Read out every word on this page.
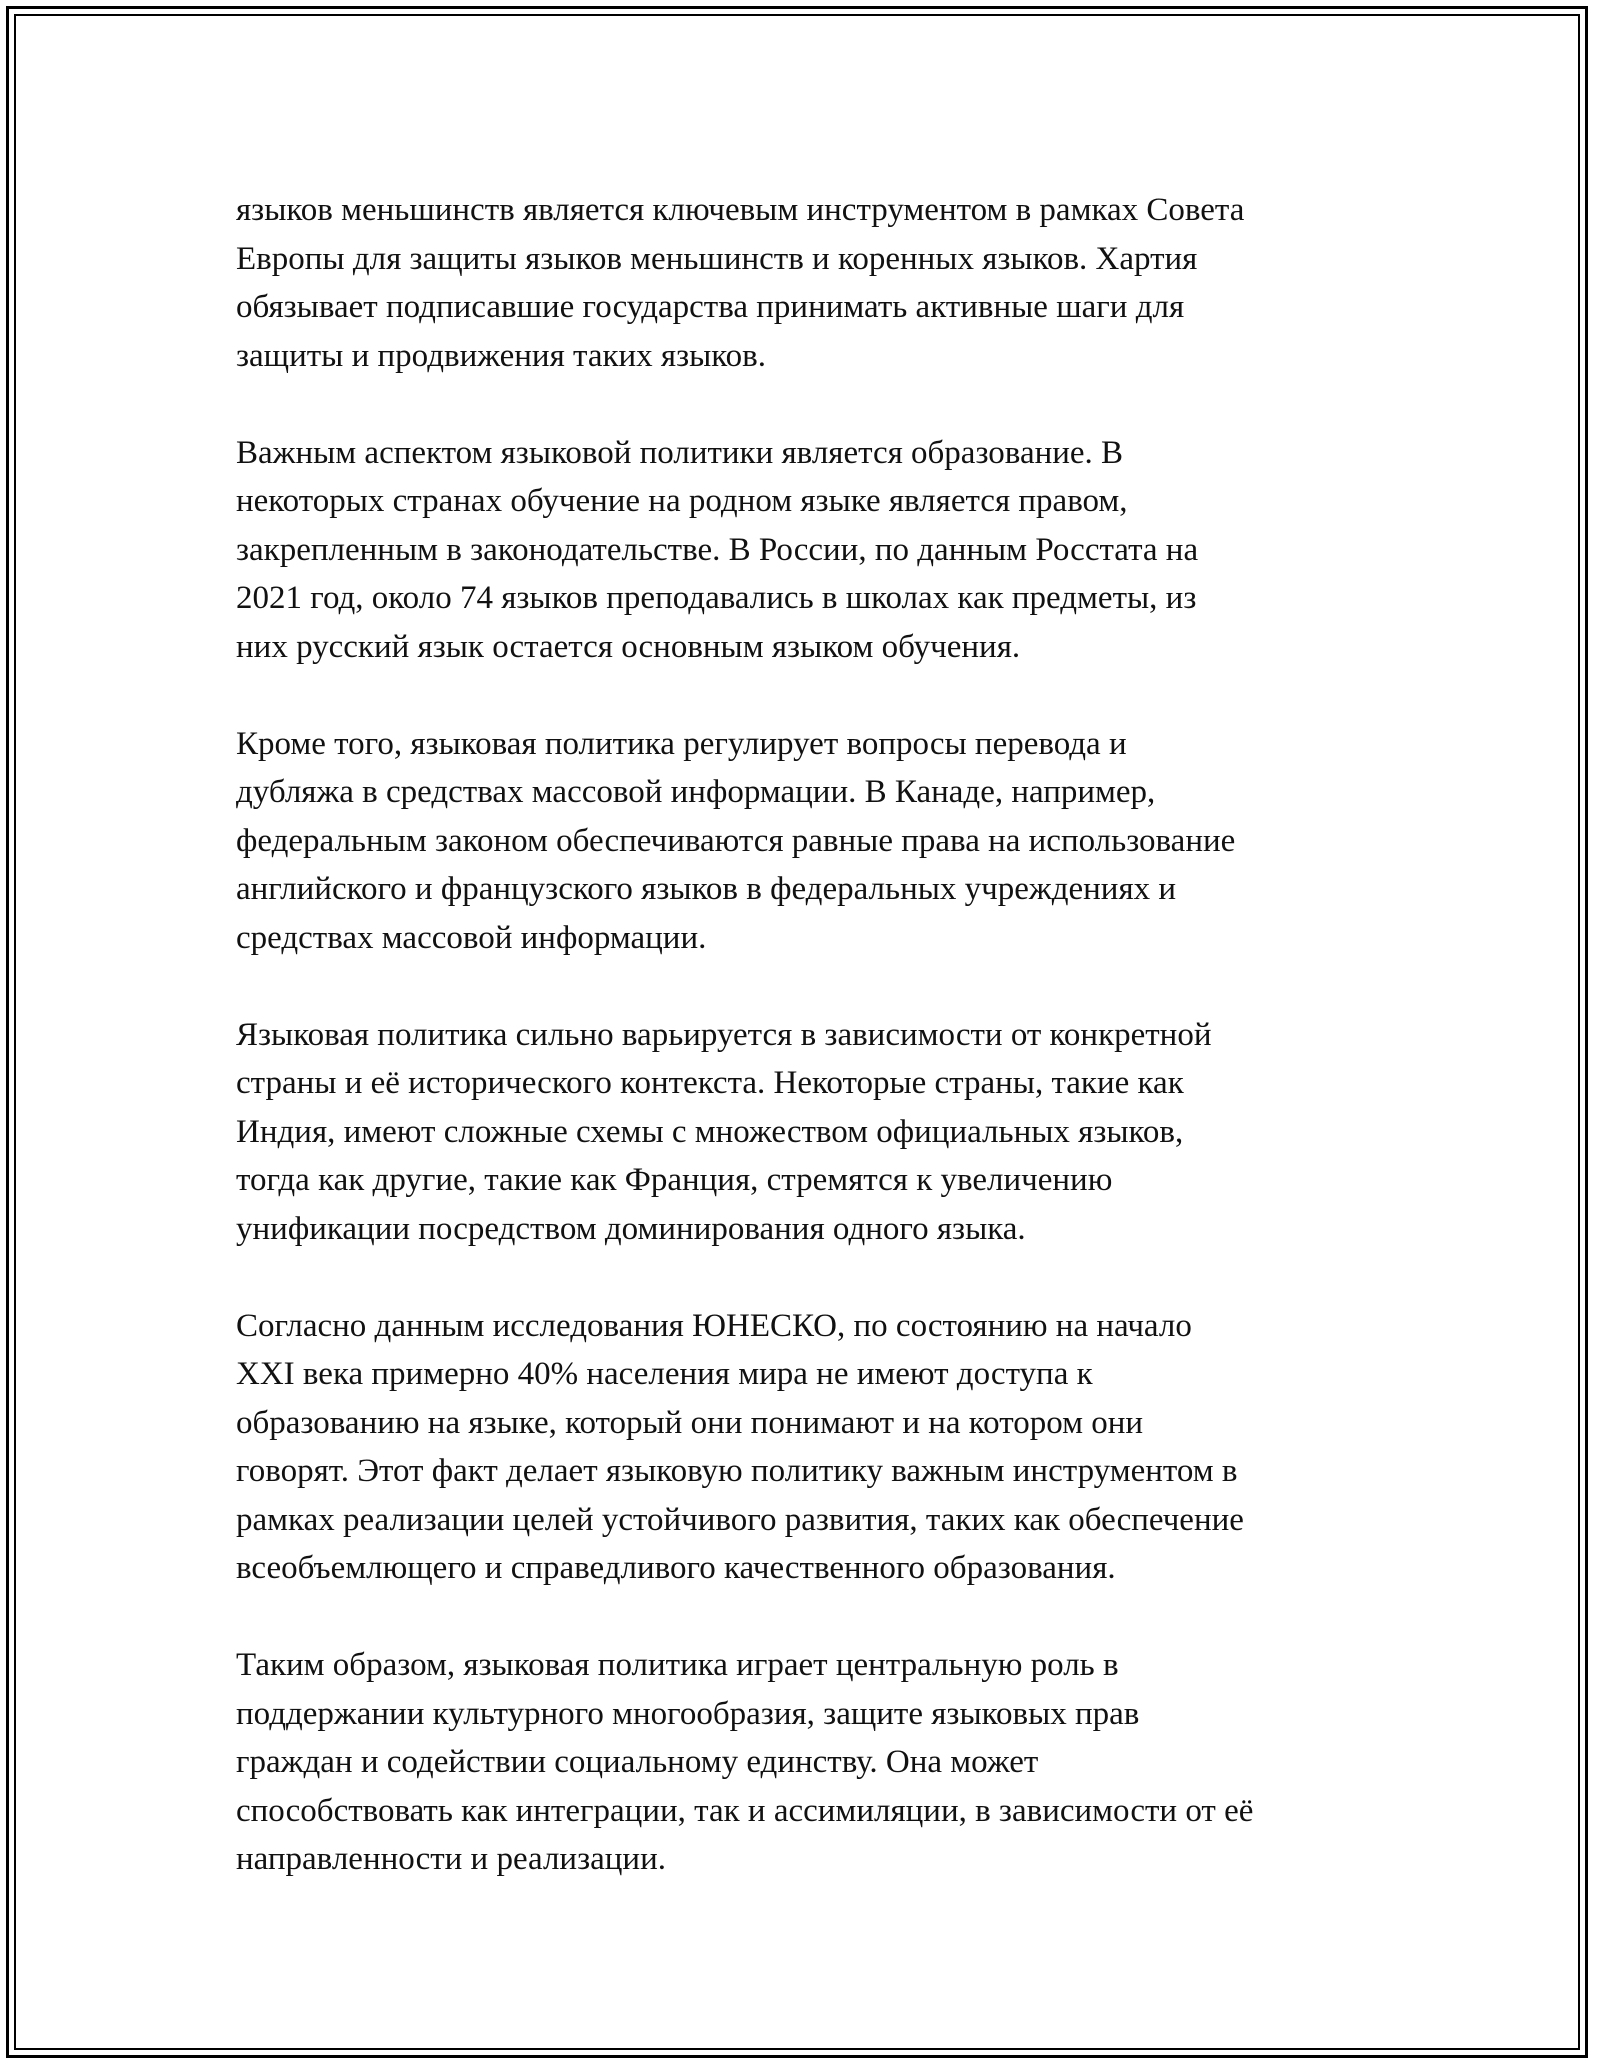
языков меньшинств является ключевым инструментом в рамках Совета
Европы для защиты языков меньшинств и коренных языков. Хартия
обязывает подписавшие государства принимать активные шаги для
защиты и продвижения таких языков.

Важным аспектом языковой политики является образование. В
некоторых странах обучение на родном языке является правом,
закрепленным в законодательстве. В России, по данным Росстата на
2021 год, около 74 языков преподавались в школах как предметы, из
них русский язык остается основным языком обучения.

Кроме того, языковая политика регулирует вопросы перевода и
дубляжа в средствах массовой информации. В Канаде, например,
федеральным законом обеспечиваются равные права на использование
английского и французского языков в федеральных учреждениях и
средствах массовой информации.

Языковая политика сильно варьируется в зависимости от конкретной
страны и её исторического контекста. Некоторые страны, такие как
Индия, имеют сложные схемы с множеством официальных языков,
тогда как другие, такие как Франция, стремятся к увеличению
унификации посредством доминирования одного языка.

Согласно данным исследования ЮНЕСКО, по состоянию на начало
XXI века примерно 40% населения мира не имеют доступа к
образованию на языке, который они понимают и на котором они
говорят. Этот факт делает языковую политику важным инструментом в
рамках реализации целей устойчивого развития, таких как обеспечение
всеобъемлющего и справедливого качественного образования.

Таким образом, языковая политика играет центральную роль в
поддержании культурного многообразия, защите языковых прав
граждан и содействии социальному единству. Она может
способствовать как интеграции, так и ассимиляции, в зависимости от её
направленности и реализации.
